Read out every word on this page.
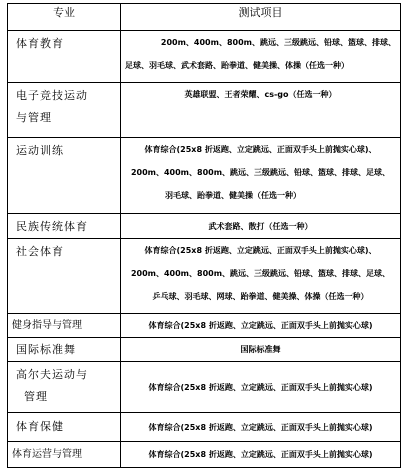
专业	测试项目
体育教育	200m、400m、800m、跳远、三级跳远、铅球、篮球、排球、
足球、羽毛球、武术套路、跆拳道、健美操、体操（任选一种）

电子竞技运动
与管理	英雄联盟、王者荣耀、cs-go（任选一种）

运动训练	体育综合(25x8 折返跑、立定跳远、正面双手头上前抛实心球)、
200m、400m、800m、跳远、三级跳远、铅球、篮球、排球、足球、
羽毛球、跆拳道、健美操（任选一种）

民族传统体育	武术套路、散打（任选一种）

社会体育	体育综合(25x8 折返跑、立定跳远、正面双手头上前抛实心球)、
200m、400m、800m、跳远、三级跳远、铅球、篮球、排球、足球、
乒乓球、羽毛球、网球、跆拳道、健美操、体操（任选一种）

健身指导与管理	体育综合(25x8 折返跑、立定跳远、正面双手头上前抛实心球)

国际标准舞	国际标准舞

高尔夫运动与
管理	体育综合(25x8 折返跑、立定跳远、正面双手头上前抛实心球)

体育保健	体育综合(25x8 折返跑、立定跳远、正面双手头上前抛实心球)

体育运营与管理	体育综合(25x8 折返跑、立定跳远、正面双手头上前抛实心球)
